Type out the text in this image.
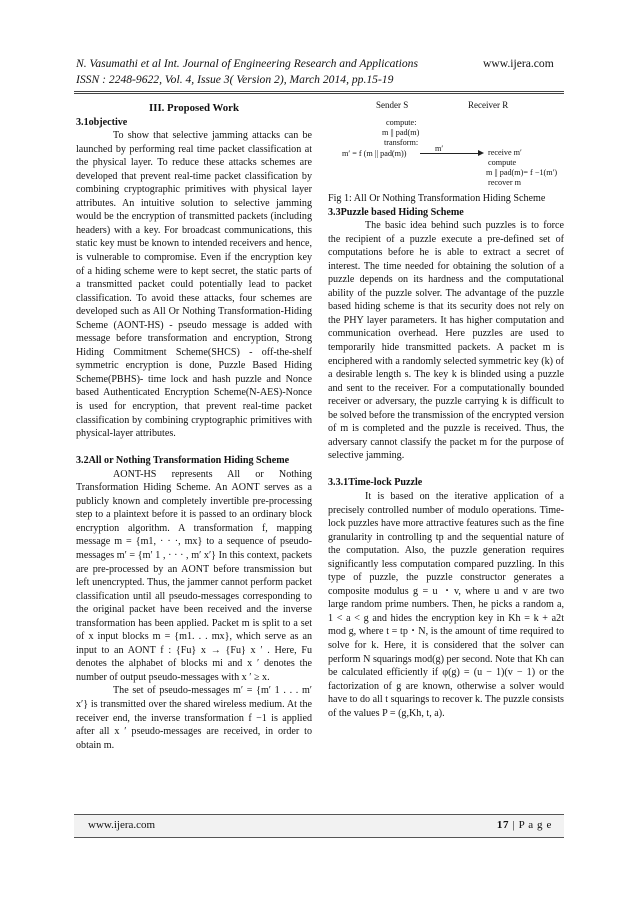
N. Vasumathi et al Int. Journal of Engineering Research and Applications	www.ijera.com
ISSN : 2248-9622, Vol. 4, Issue 3( Version 2), March 2014, pp.15-19

III. Proposed Work

3.1objective

To show that selective jamming attacks can be launched by performing real time packet classification at the physical layer. To reduce these attacks schemes are developed that prevent real-time packet classification by combining cryptographic primitives with physical layer attributes. An intuitive solution to selective jamming would be the encryption of transmitted packets (including headers) with a key. For broadcast communications, this static key must be known to intended receivers and hence, is vulnerable to compromise. Even if the encryption key of a hiding scheme were to kept secret, the static parts of a transmitted packet could potentially lead to packet classification. To avoid these attacks, four schemes are developed such as All Or Nothing Transformation-Hiding Scheme (AONT-HS) - pseudo message is added with message before transformation and encryption, Strong Hiding Commitment Scheme(SHCS) - off-the-shelf symmetric encryption is done, Puzzle Based Hiding Scheme(PBHS)- time lock and hash puzzle and Nonce based Authenticated Encryption Scheme(N-AES)-Nonce is used for encryption, that prevent real-time packet classification by combining cryptographic primitives with physical-layer attributes.

3.2All or Nothing Transformation Hiding Scheme

AONT-HS represents All or Nothing Transformation Hiding Scheme. An AONT serves as a publicly known and completely invertible pre-processing step to a plaintext before it is passed to an ordinary block encryption algorithm. A transformation f, mapping message m = {m1, · · ·, mx} to a sequence of pseudo-messages m′ = {m′ 1 , · · · , m′ x′} In this context, packets are pre-processed by an AONT before transmission but left unencrypted. Thus, the jammer cannot perform packet classification until all pseudo-messages corresponding to the original packet have been received and the inverse transformation has been applied. Packet m is split to a set of x input blocks m = {m1. . . mx}, which serve as an input to an AONT f : {Fu} x → {Fu} x ′ . Here, Fu denotes the alphabet of blocks mi and x ′ denotes the number of output pseudo-messages with x ′ ≥ x.

The set of pseudo-messages m′ = {m′ 1 . . . m′ x′} is transmitted over the shared wireless medium. At the receiver end, the inverse transformation f −1 is applied after all x ′ pseudo-messages are received, in order to obtain m.

Sender S	Receiver R
compute:
m || pad(m)
transform:
m′ = f (m || pad(m))
m′	receive m′
compute
m || pad(m)= f −1(m′)
recover m

Fig 1: All Or Nothing Transformation Hiding Scheme

3.3Puzzle based Hiding Scheme

The basic idea behind such puzzles is to force the recipient of a puzzle execute a pre-defined set of computations before he is able to extract a secret of interest. The time needed for obtaining the solution of a puzzle depends on its hardness and the computational ability of the puzzle solver. The advantage of the puzzle based hiding scheme is that its security does not rely on the PHY layer parameters. It has higher computation and communication overhead. Here puzzles are used to temporarily hide transmitted packets. A packet m is enciphered with a randomly selected symmetric key (k) of a desirable length s. The key k is blinded using a puzzle and sent to the receiver. For a computationally bounded receiver or adversary, the puzzle carrying k is difficult to be solved before the transmission of the encrypted version of m is completed and the puzzle is received. Thus, the adversary cannot classify the packet m for the purpose of selective jamming.

3.3.1Time-lock Puzzle

It is based on the iterative application of a precisely controlled number of modulo operations. Time-lock puzzles have more attractive features such as the fine granularity in controlling tp and the sequential nature of the computation. Also, the puzzle generation requires significantly less computation compared puzzling. In this type of puzzle, the puzzle constructor generates a composite modulus g = u ・v, where u and v are two large random prime numbers. Then, he picks a random a, 1 < a < g and hides the encryption key in Kh = k + a2t mod g, where t = tp・N, is the amount of time required to solve for k. Here, it is considered that the solver can perform N squarings mod(g) per second. Note that Kh can be calculated efficiently if φ(g) = (u − 1)(v − 1) or the factorization of g are known, otherwise a solver would have to do all t squarings to recover k. The puzzle consists of the values P = (g,Kh, t, a).

www.ijera.com	17 | P a g e
